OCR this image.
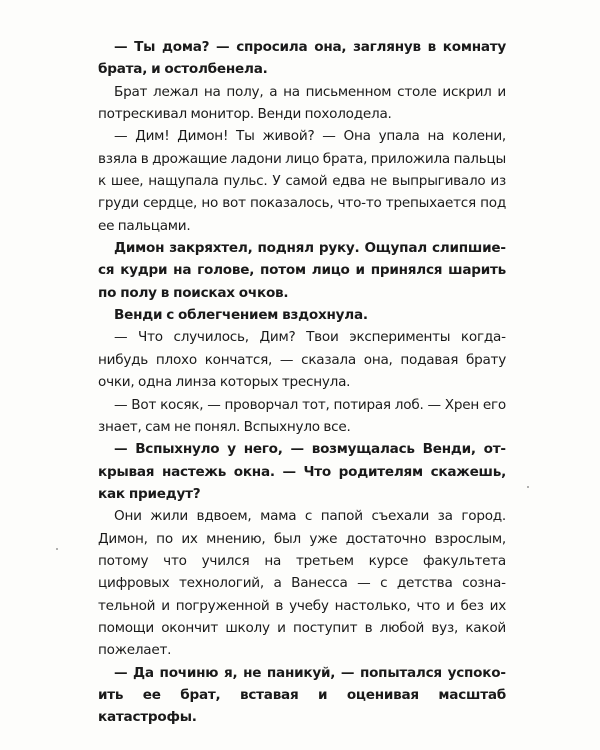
— Ты дома? — спросила она, заглянув в комнату брата, и остолбенела.

Брат лежал на полу, а на письменном столе искрил и потрескивал монитор. Венди похолодела.

— Дим! Димон! Ты живой? — Она упала на колени, взяла в дрожащие ладони лицо брата, приложила пальцы к шее, нащупала пульс. У самой едва не выпрыгивало из груди сердце, но вот показалось, что-то трепыхается под ее пальцами.

Димон закряхтел, поднял руку. Ощупал слипшиеся кудри на голове, потом лицо и принялся шарить по полу в поисках очков.

Венди с облегчением вздохнула.

— Что случилось, Дим? Твои эксперименты когданибудь плохо кончатся, — сказала она, подавая брату очки, одна линза которых треснула.

— Вот косяк, — проворчал тот, потирая лоб. — Хрен его знает, сам не понял. Вспыхнуло все.

— Вспыхнуло у него, — возмущалась Венди, открывая настежь окна. — Что родителям скажешь, как приедут?

Они жили вдвоем, мама с папой съехали за город. Димон, по их мнению, был уже достаточно взрослым, потому что учился на третьем курсе факультета цифровых технологий, а Ванесса — с детства сознательной и погруженной в учебу настолько, что и без их помощи окончит школу и поступит в любой вуз, какой пожелает.

— Да починю я, не паникуй, — попытался успокоить ее брат, вставая и оценивая масштаб катастрофы.
